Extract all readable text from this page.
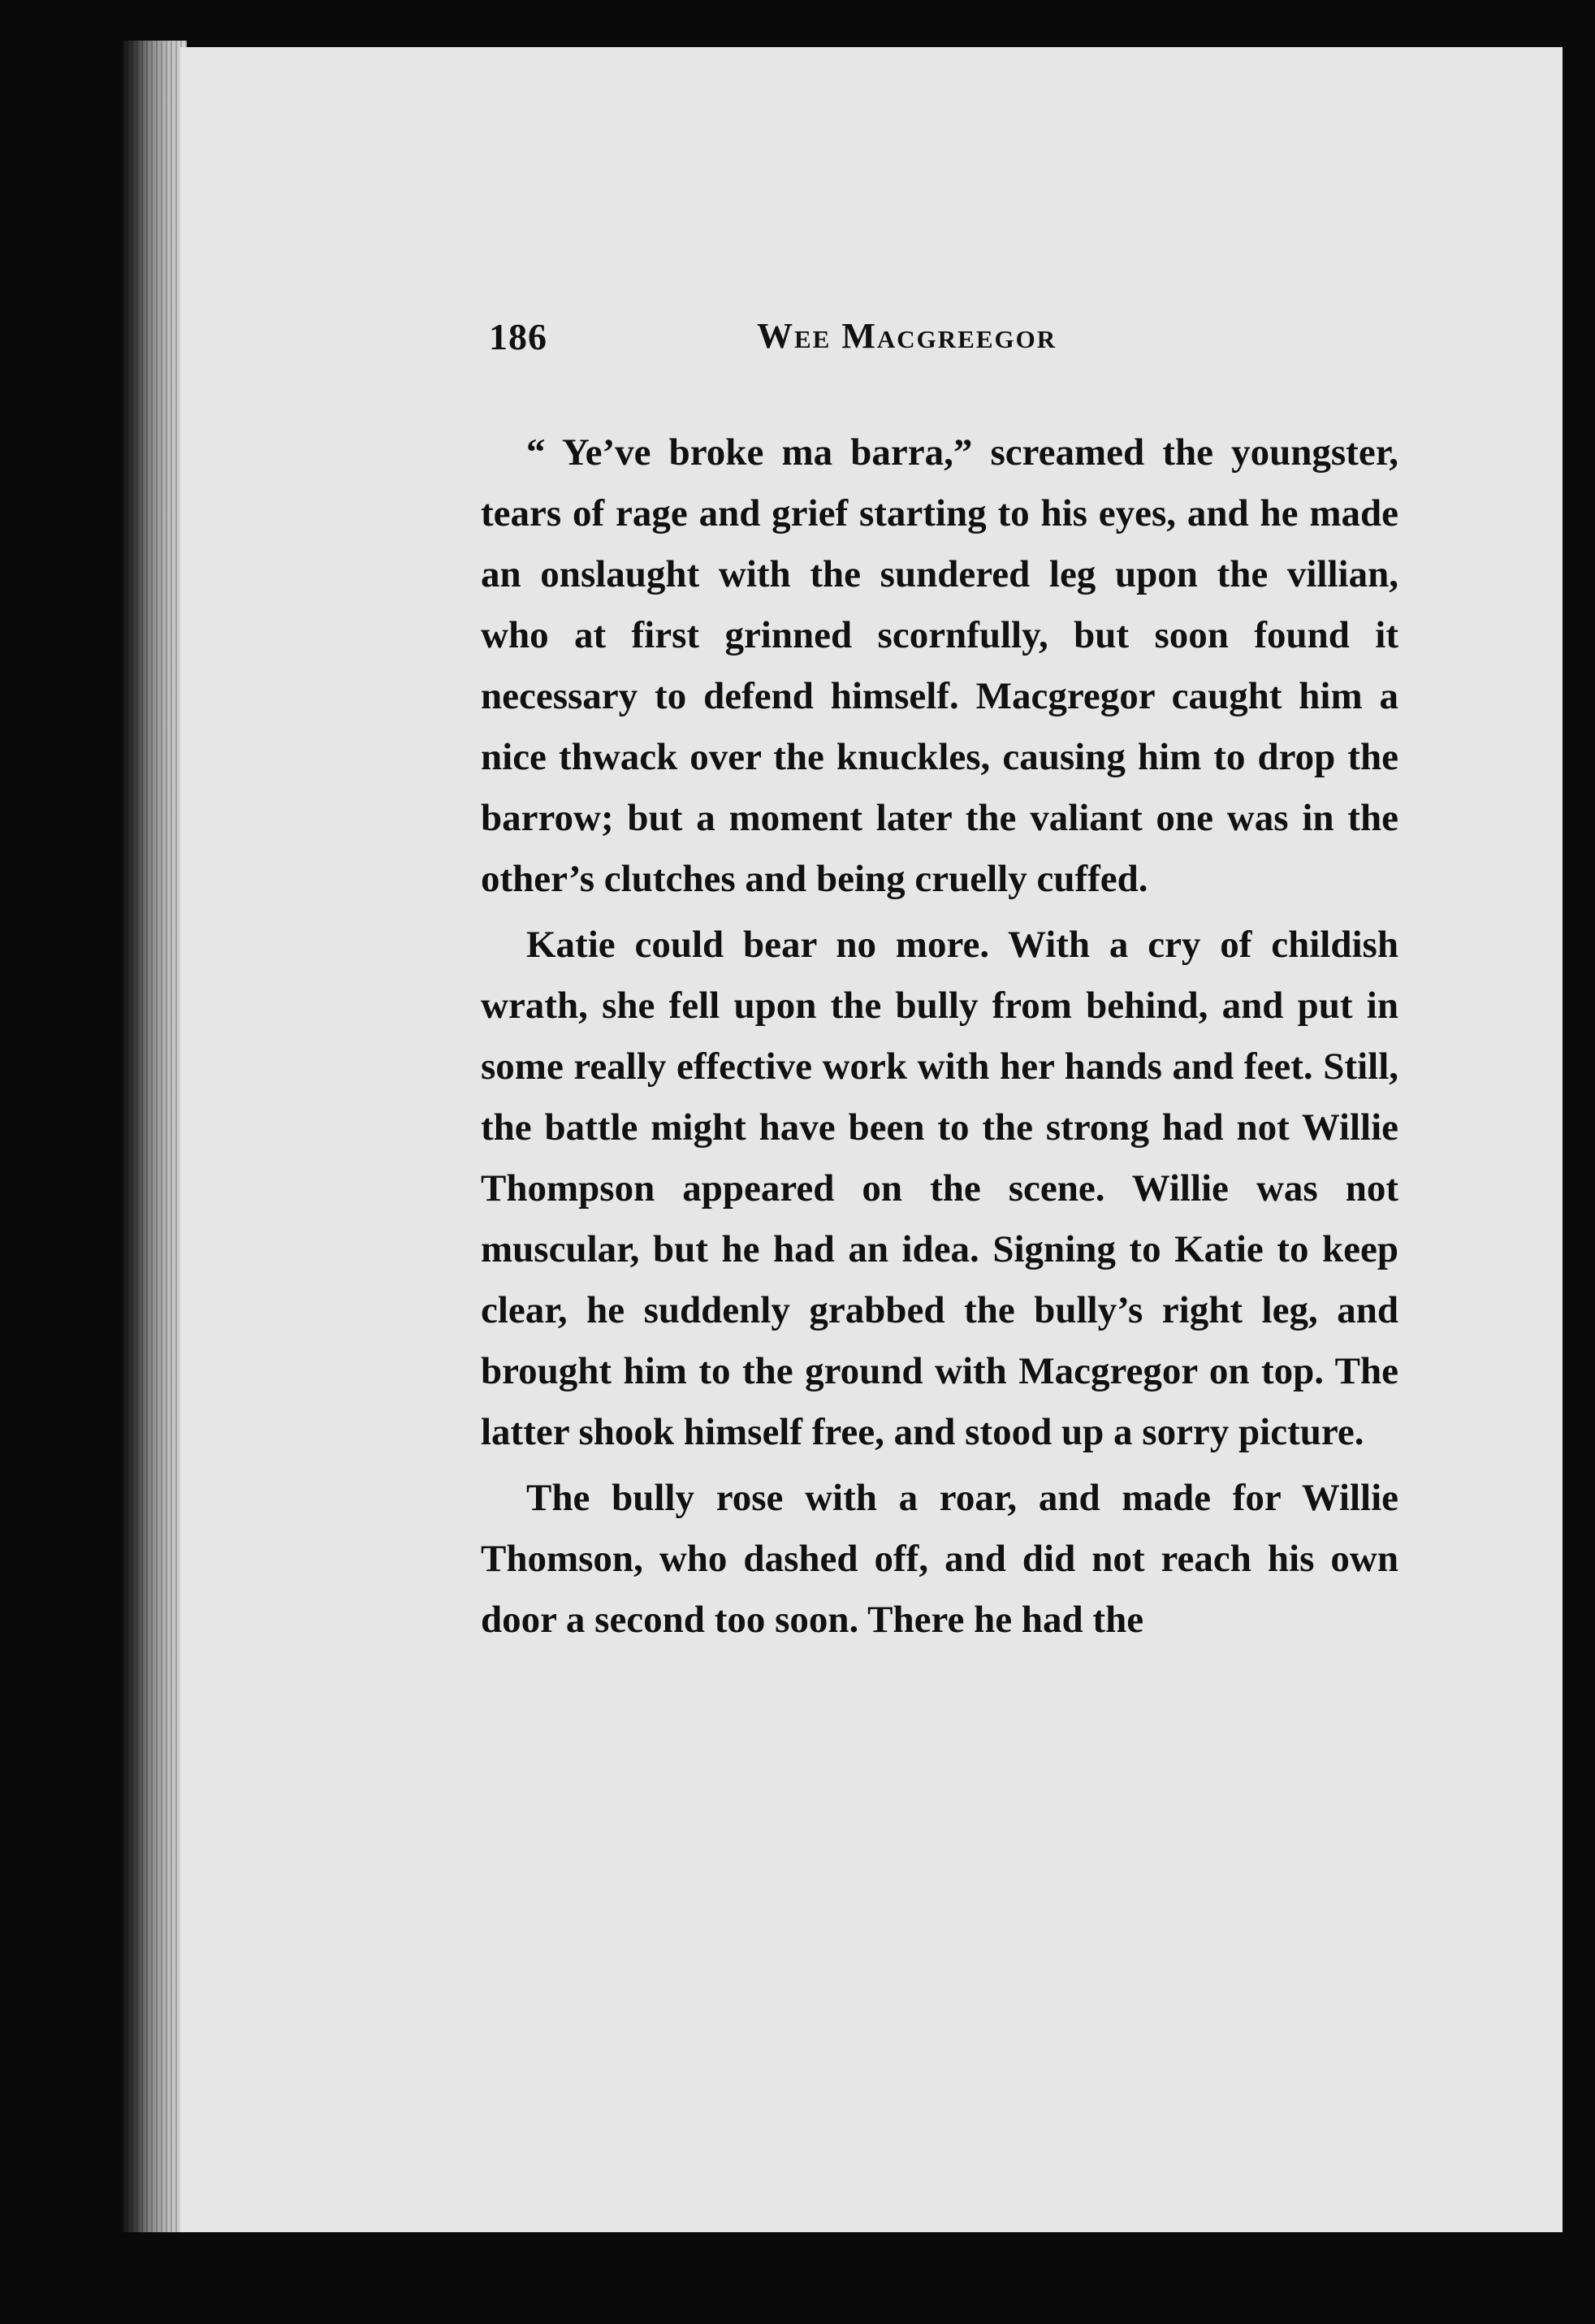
186	Wee Macgreegor

“ Ye’ve broke ma barra,” screamed the youngster, tears of rage and grief starting to his eyes, and he made an onslaught with the sundered leg upon the villian, who at first grinned scornfully, but soon found it necessary to defend himself. Macgregor caught him a nice thwack over the knuckles, causing him to drop the barrow; but a moment later the valiant one was in the other’s clutches and being cruelly cuffed.

Katie could bear no more. With a cry of childish wrath, she fell upon the bully from behind, and put in some really effective work with her hands and feet. Still, the battle might have been to the strong had not Willie Thompson appeared on the scene. Willie was not muscular, but he had an idea. Signing to Katie to keep clear, he suddenly grabbed the bully’s right leg, and brought him to the ground with Macgregor on top. The latter shook himself free, and stood up a sorry picture.

The bully rose with a roar, and made for Willie Thomson, who dashed off, and did not reach his own door a second too soon. There he had the
